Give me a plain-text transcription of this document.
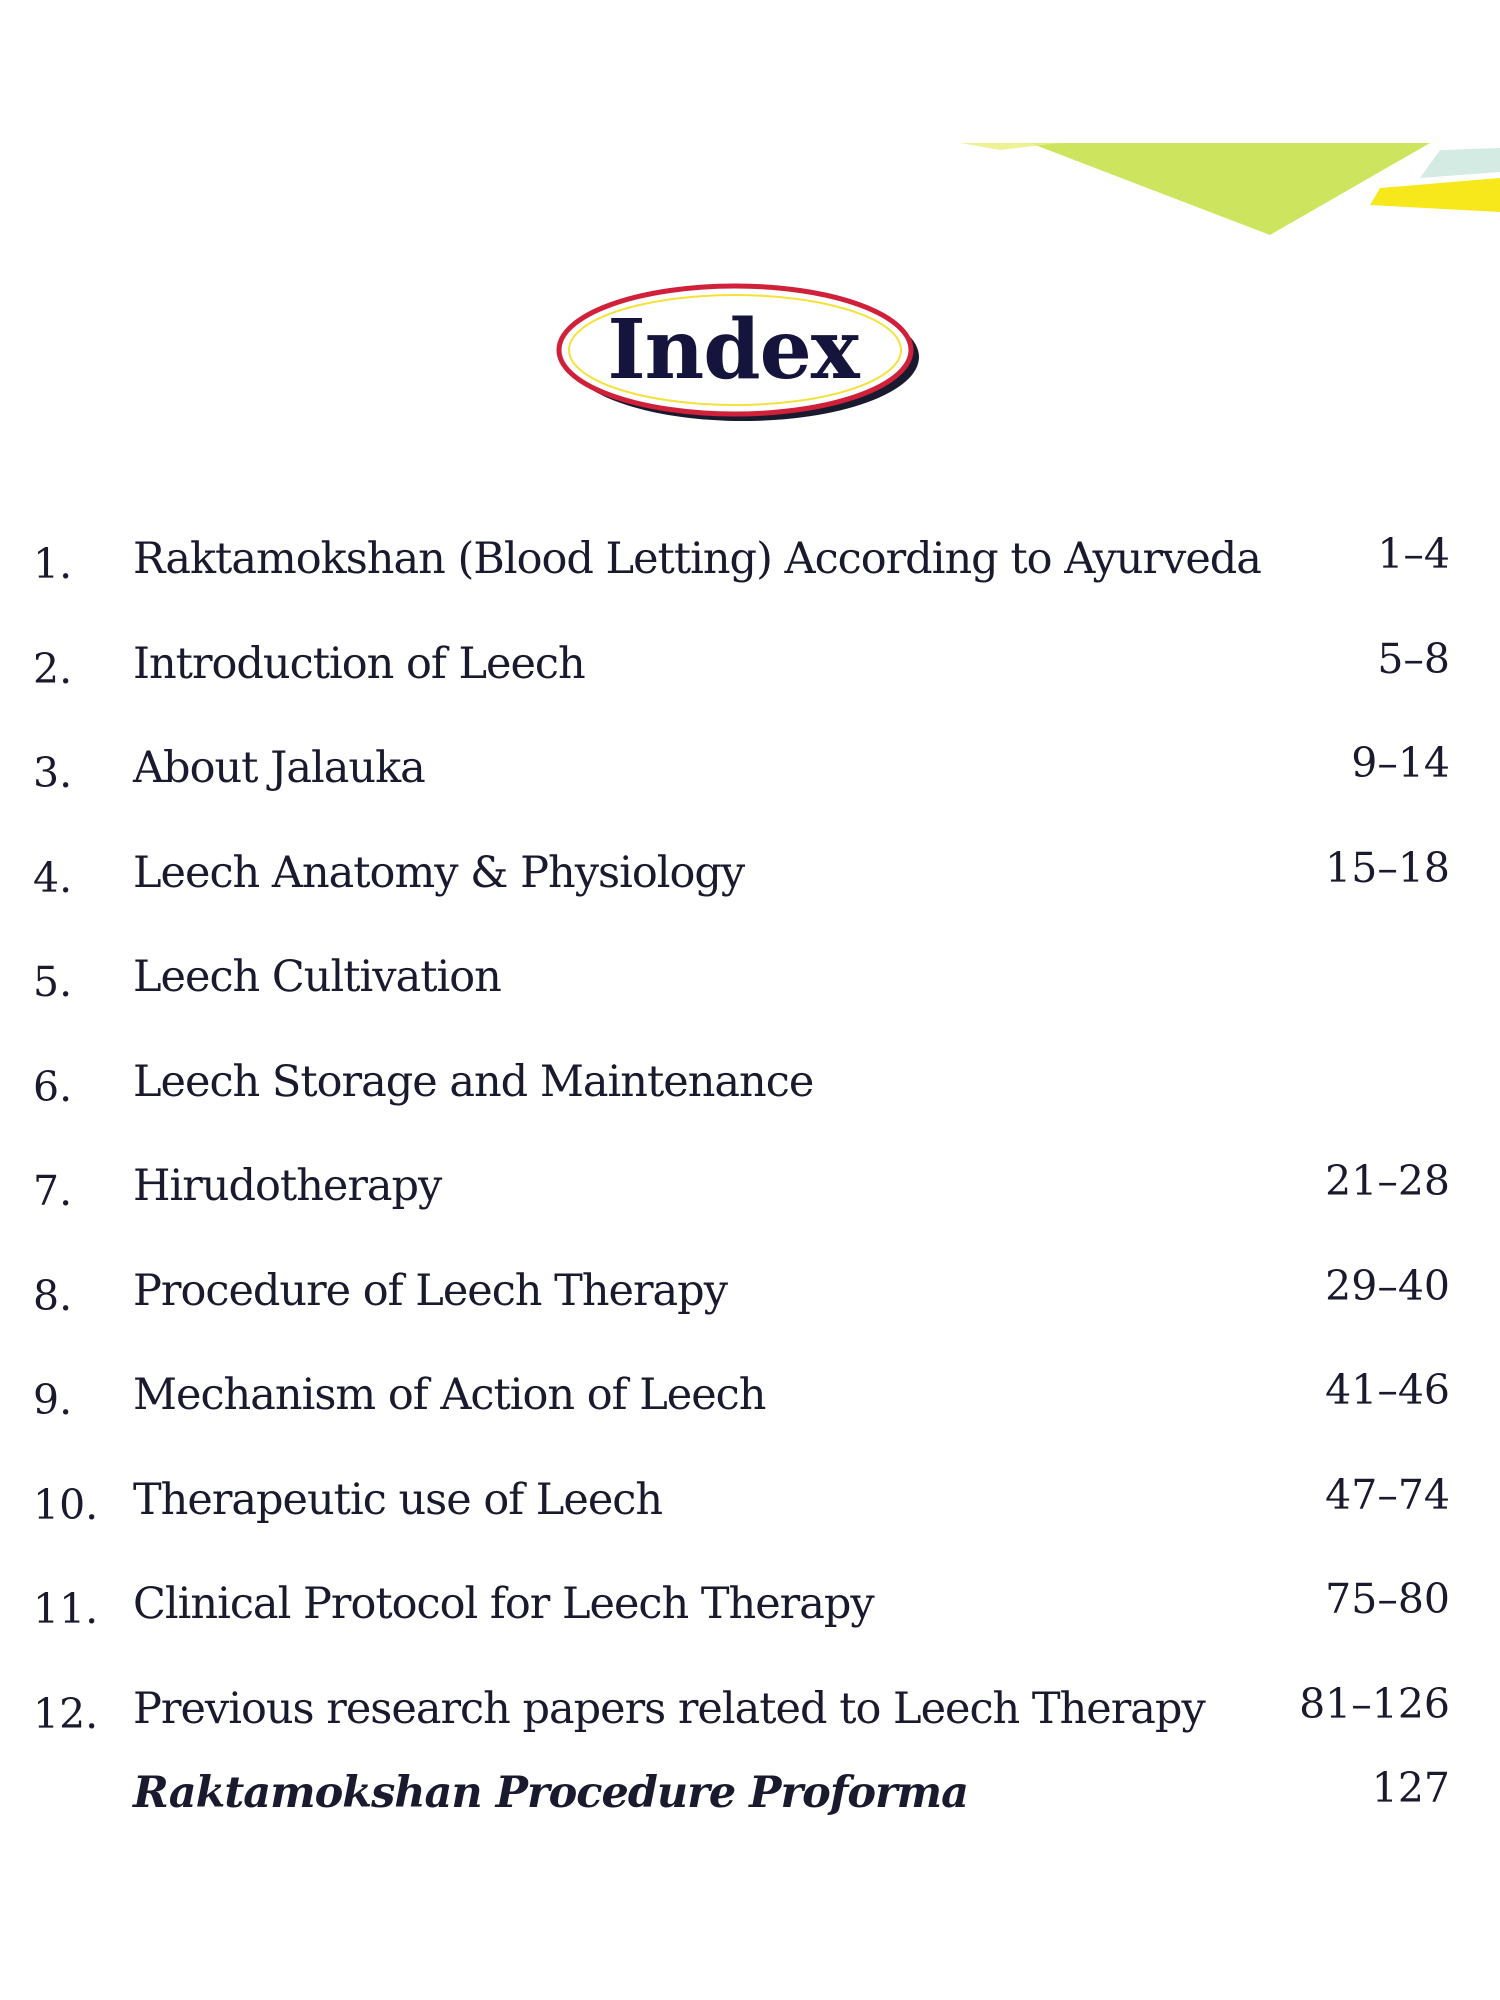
Index
1. Raktamokshan (Blood Letting) According to Ayurveda	1–4
2. Introduction of Leech	5–8
3. About Jalauka	9–14
4. Leech Anatomy & Physiology	15–18
5. Leech Cultivation
6. Leech Storage and Maintenance
7. Hirudotherapy	21–28
8. Procedure of Leech Therapy	29–40
9. Mechanism of Action of Leech	41–46
10. Therapeutic use of Leech	47–74
11. Clinical Protocol for Leech Therapy	75–80
12. Previous research papers related to Leech Therapy 81–126
Raktamokshan Procedure Proforma	127
